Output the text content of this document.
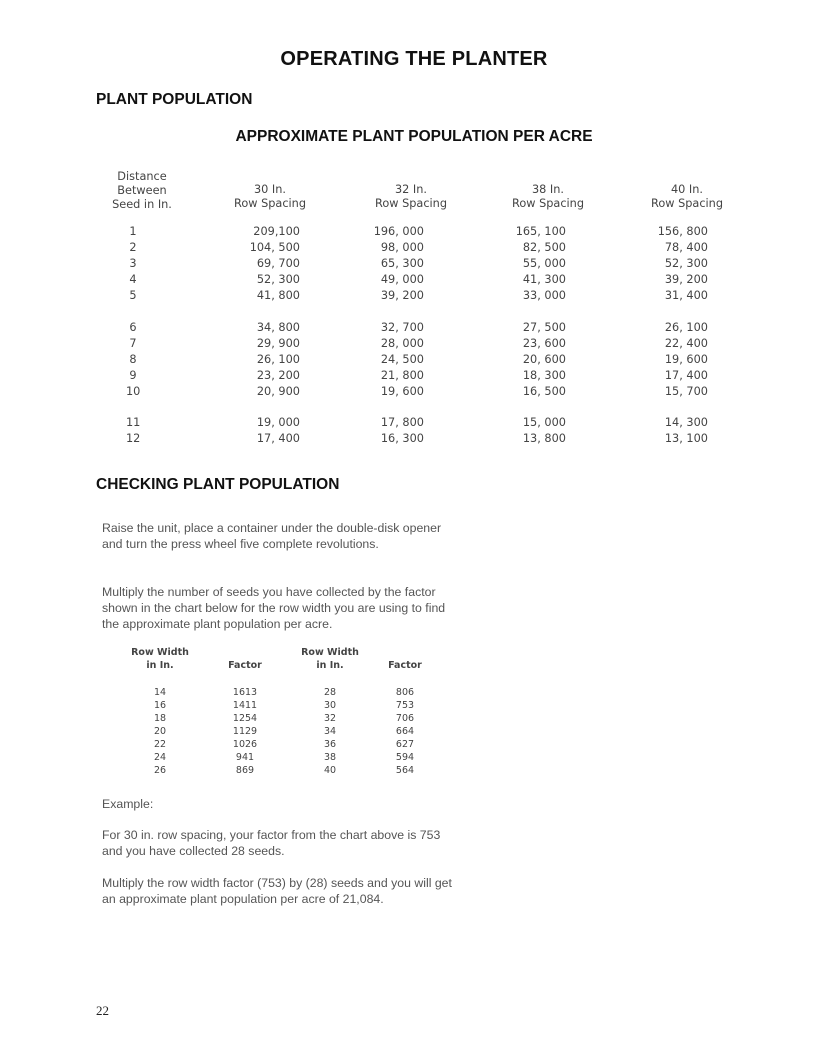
OPERATING THE PLANTER
PLANT POPULATION
APPROXIMATE PLANT POPULATION PER ACRE
Distance
Between
Seed in In.
30 In.
Row Spacing
32 In.
Row Spacing
38 In.
Row Spacing
40 In.
Row Spacing
1	209,100	196, 000	165, 100	156, 800
2	104, 500	98, 000	82, 500	78, 400
3	69, 700	65, 300	55, 000	52, 300
4	52, 300	49, 000	41, 300	39, 200
5	41, 800	39, 200	33, 000	31, 400
6	34, 800	32, 700	27, 500	26, 100
7	29, 900	28, 000	23, 600	22, 400
8	26, 100	24, 500	20, 600	19, 600
9	23, 200	21, 800	18, 300	17, 400
10	20, 900	19, 600	16, 500	15, 700
11	19, 000	17, 800	15, 000	14, 300
12	17, 400	16, 300	13, 800	13, 100
CHECKING PLANT POPULATION
Raise the unit, place a container under the double-disk opener and turn the press wheel five complete revolutions.
Multiply the number of seeds you have collected by the factor shown in the chart below for the row width you are using to find the approximate plant population per acre.
Row Width
in In.	Factor
Row Width
in In.	Factor
14	1613	28	806
16	1411	30	753
18	1254	32	706
20	1129	34	664
22	1026	36	627
24	941	38	594
26	869	40	564
Example:
For 30 in. row spacing, your factor from the chart above is 753 and you have collected 28 seeds.
Multiply the row width factor (753) by (28) seeds and you will get an approximate plant population per acre of 21,084.
22
